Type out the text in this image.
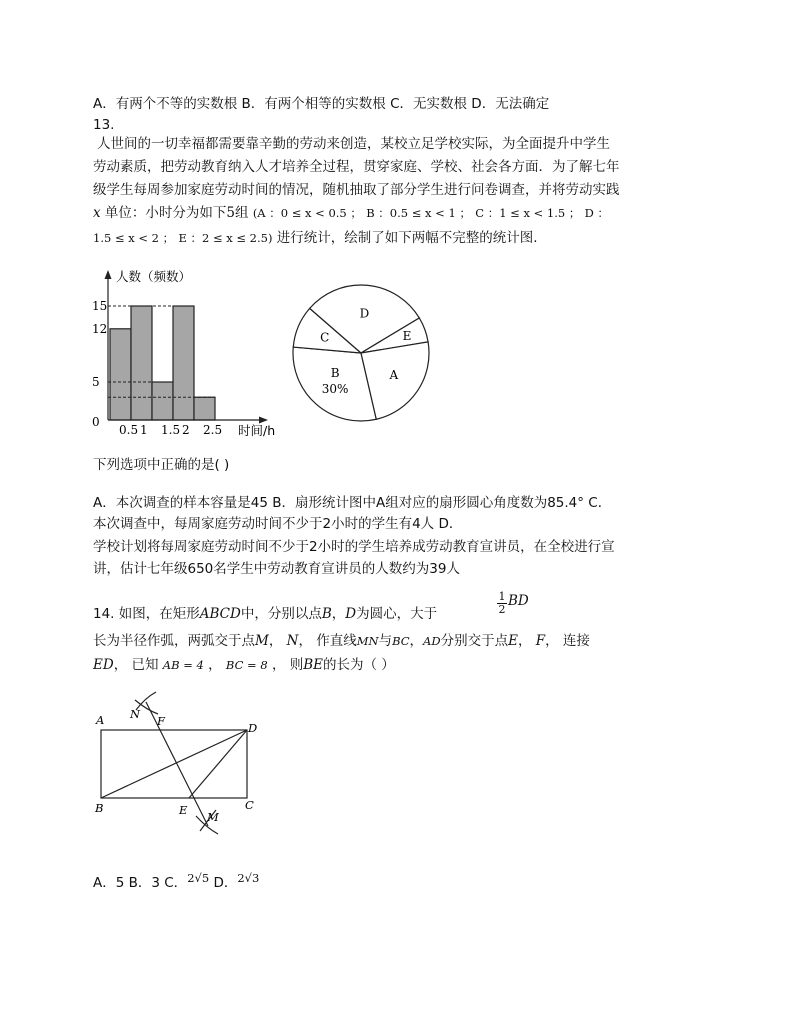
A．有两个不等的实数根 B．有两个相等的实数根 C．无实数根 D．无法确定
13.
人世间的一切幸福都需要靠辛勤的劳动来创造，某校立足学校实际，为全面提升中学生
劳动素质，把劳动教育纳入人才培养全过程，贯穿家庭、学校、社会各方面．为了解七年
级学生每周参加家庭劳动时间的情况，随机抽取了部分学生进行问卷调查，并将劳动实践
x 单位：小时分为如下5组 (A ：0 ≤ x < 0.5 ； B ：0.5 ≤ x < 1 ； C ：1 ≤ x < 1.5 ； D ：
1.5 ≤ x < 2 ； E ：2 ≤ x ≤ 2.5) 进行统计，绘制了如下两幅不完整的统计图.
人数（频数）
时间/h
0
5
12
15
0.5 1 1.5 2 2.5
B
30%
C
D
E
A
下列选项中正确的是( )
A．本次调查的样本容量是45 B．扇形统计图中A组对应的扇形圆心角度数为85.4° C．
本次调查中，每周家庭劳动时间不少于2小时的学生有4人 D．
学校计划将每周家庭劳动时间不少于2小时的学生培养成劳动教育宣讲员，在全校进行宣
讲，估计七年级650名学生中劳动教育宣讲员的人数约为39人
14. 如图，在矩形ABCD中，分别以点B，D为圆心，大于	$\frac{1}{2}$ BD
长为半径作弧，两弧交于点M， N， 作直线MN与BC，AD分别交于点E， F， 连接
ED， 已知 AB = 4 ， BC = 8 ， 则BE的长为（ ）
A
B	C
D
E
F
M
N
A．5 B．3 C．2√5 D．2√3
